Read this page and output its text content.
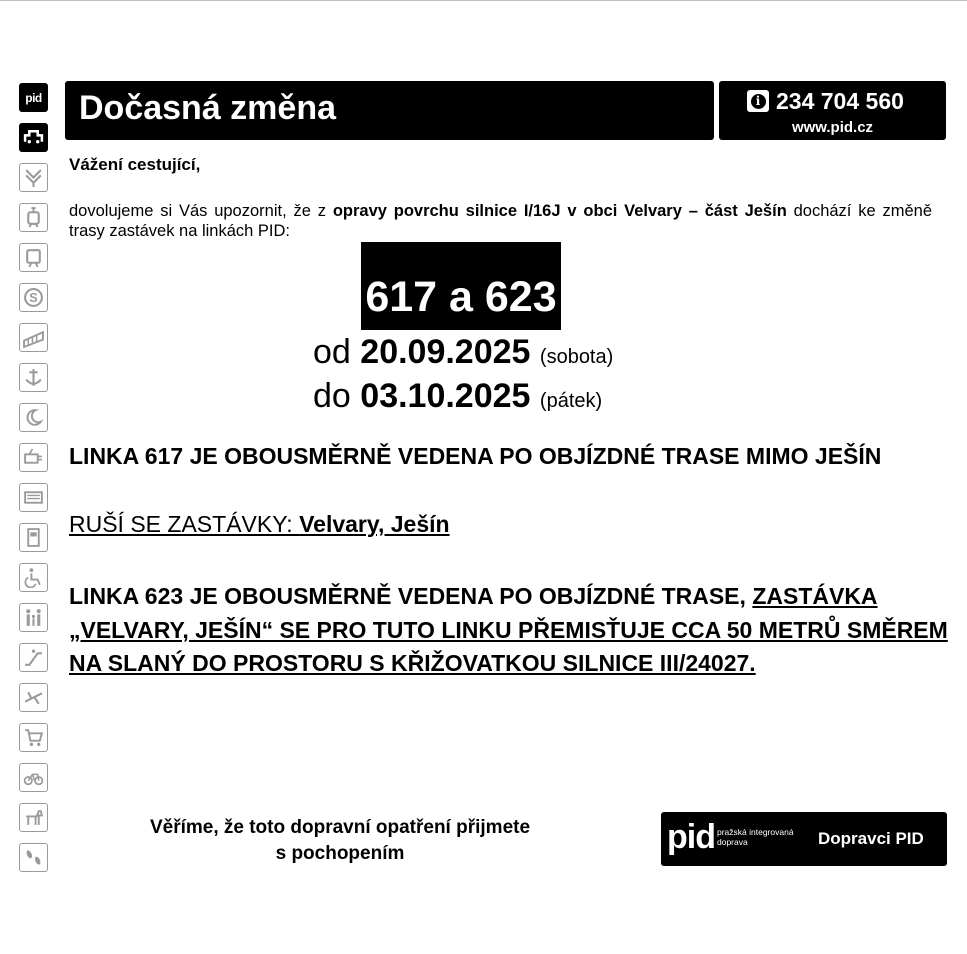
pid
S
Dočasná změna	i 234 704 560
www.pid.cz
Vážení cestující,
dovolujeme si Vás upozornit, že z opravy povrchu silnice I/16J v obci Velvary – část Ješín dochází ke změně trasy zastávek na linkách PID:
617 a 623
od 20.09.2025 (sobota)
do 03.10.2025 (pátek)
LINKA 617 JE OBOUSMĚRNĚ VEDENA PO OBJÍZDNÉ TRASE MIMO JEŠÍN
RUŠÍ SE ZASTÁVKY: Velvary, Ješín
LINKA 623 JE OBOUSMĚRNĚ VEDENA PO OBJÍZDNÉ TRASE, ZASTÁVKA „VELVARY, JEŠÍN“ SE PRO TUTO LINKU PŘEMISŤUJE CCA 50 METRŮ SMĚREM NA SLANÝ DO PROSTORU S KŘIŽOVATKOU SILNICE III/24027.
Věříme, že toto dopravní opatření přijmete
s pochopením	pid pražská integrovaná
doprava	Dopravci PID
